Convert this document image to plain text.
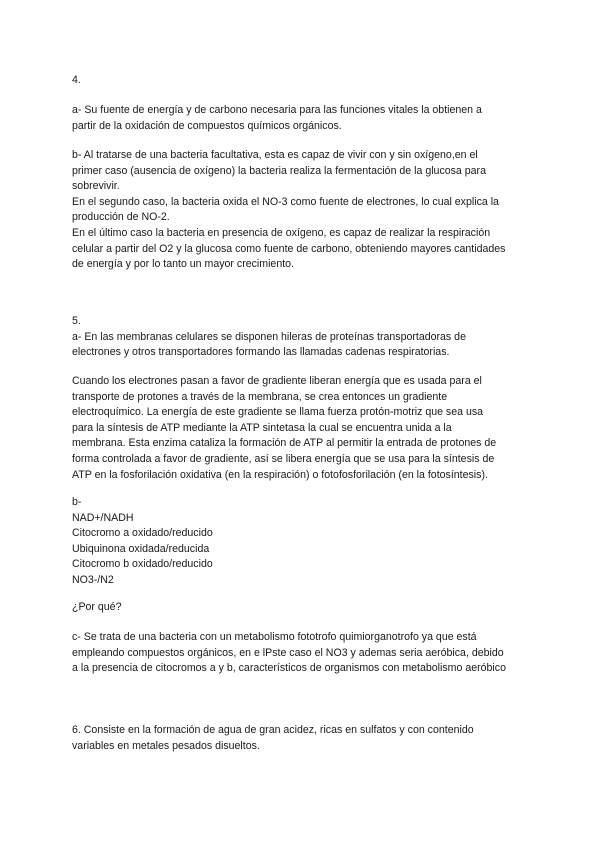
4.
a- Su fuente de energía y de carbono necesaria para las funciones vitales la obtienen a
partir de la oxidación de compuestos químicos orgánicos.
b- Al tratarse de una bacteria facultativa, esta es capaz de vivir con y sin oxígeno,en el
primer caso (ausencia de oxígeno) la bacteria realiza la fermentación de la glucosa para
sobrevivir.
En el segundo caso, la bacteria oxida el NO-3 como fuente de electrones, lo cual explica la
producción de NO-2.
En el último caso la bacteria en presencia de oxígeno, es capaz de realizar la respiración
celular a partir del O2 y la glucosa como fuente de carbono, obteniendo mayores cantidades
de energía y por lo tanto un mayor crecimiento.
5.
a- En las membranas celulares se disponen hileras de proteínas transportadoras de
electrones y otros transportadores formando las llamadas cadenas respiratorias.
Cuando los electrones pasan a favor de gradiente liberan energía que es usada para el
transporte de protones a través de la membrana, se crea entonces un gradiente
electroquímico. La energía de este gradiente se llama fuerza protón-motriz que sea usa
para la síntesis de ATP mediante la ATP sintetasa la cual se encuentra unida a la
membrana. Esta enzima cataliza la formación de ATP al permitir la entrada de protones de
forma controlada a favor de gradiente, así se libera energía que se usa para la síntesis de
ATP en la fosforilación oxidativa (en la respiración) o fotofosforilación (en la fotosíntesis).
b-
NAD+/NADH
Citocromo a oxidado/reducido
Ubiquinona oxidada/reducida
Citocromo b oxidado/reducido
NO3-/N2
¿Por qué?
c- Se trata de una bacteria con un metabolismo fototrofo quimiorganotrofo ya que está
empleando compuestos orgánicos, en e lPste caso el NO3 y ademas seria aeróbica, debido
a la presencia de citocromos a y b, característicos de organismos con metabolismo aeróbico
6. Consiste en la formación de agua de gran acidez, ricas en sulfatos y con contenido
variables en metales pesados disueltos.
